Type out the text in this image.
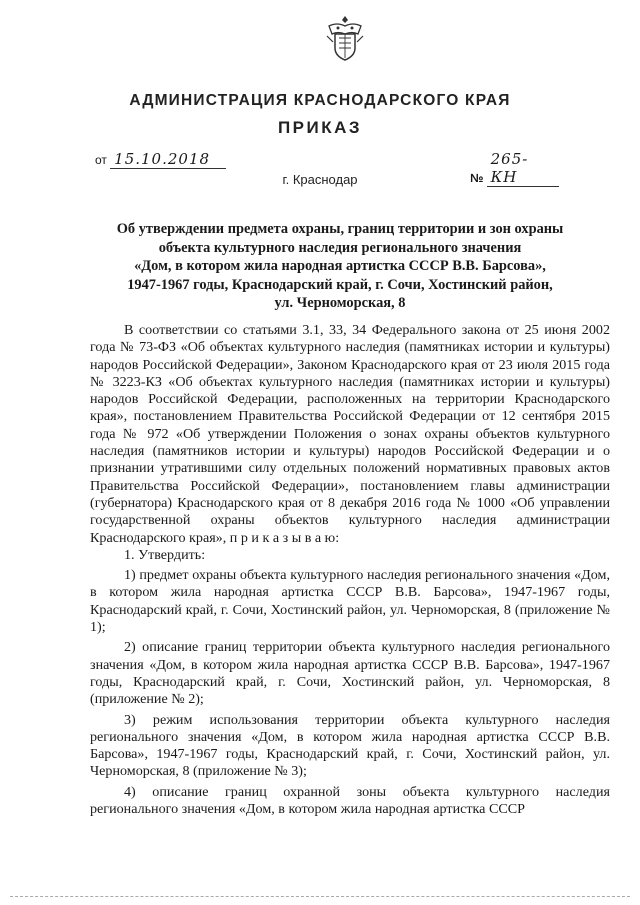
АДМИНИСТРАЦИЯ КРАСНОДАРСКОГО КРАЯ
ПРИКАЗ
от 15.10.2018
№ 265-КН
г. Краснодар
Об утверждении предмета охраны, границ территории и зон охраны
объекта культурного наследия регионального значения
«Дом, в котором жила народная артистка СССР В.В. Барсова»,
1947-1967 годы, Краснодарский край, г. Сочи, Хостинский район,
ул. Черноморская, 8

В соответствии со статьями 3.1, 33, 34 Федерального закона от 25 июня 2002 года № 73-ФЗ «Об объектах культурного наследия (памятниках истории и культуры) народов Российской Федерации», Законом Краснодарского края от 23 июля 2015 года № 3223-КЗ «Об объектах культурного наследия (памятниках истории и культуры) народов Российской Федерации, расположенных на территории Краснодарского края», постановлением Правительства Российской Федерации от 12 сентября 2015 года № 972 «Об утверждении Положения о зонах охраны объектов культурного наследия (памятников истории и культуры) народов Российской Федерации и о признании утратившими силу отдельных положений нормативных правовых актов Правительства Российской Федерации», постановлением главы администрации (губернатора) Краснодарского края от 8 декабря 2016 года № 1000 «Об управлении государственной охраны объектов культурного наследия администрации Краснодарского края», п р и к а з ы в а ю:

1. Утвердить:

1) предмет охраны объекта культурного наследия регионального значения «Дом, в котором жила народная артистка СССР В.В. Барсова», 1947-1967 годы, Краснодарский край, г. Сочи, Хостинский район, ул. Черноморская, 8 (приложение № 1);

2) описание границ территории объекта культурного наследия регионального значения «Дом, в котором жила народная артистка СССР В.В. Барсова», 1947-1967 годы, Краснодарский край, г. Сочи, Хостинский район, ул. Черноморская, 8 (приложение № 2);

3) режим использования территории объекта культурного наследия регионального значения «Дом, в котором жила народная артистка СССР В.В. Барсова», 1947-1967 годы, Краснодарский край, г. Сочи, Хостинский район, ул. Черноморская, 8 (приложение № 3);

4) описание границ охранной зоны объекта культурного наследия регионального значения «Дом, в котором жила народная артистка СССР
